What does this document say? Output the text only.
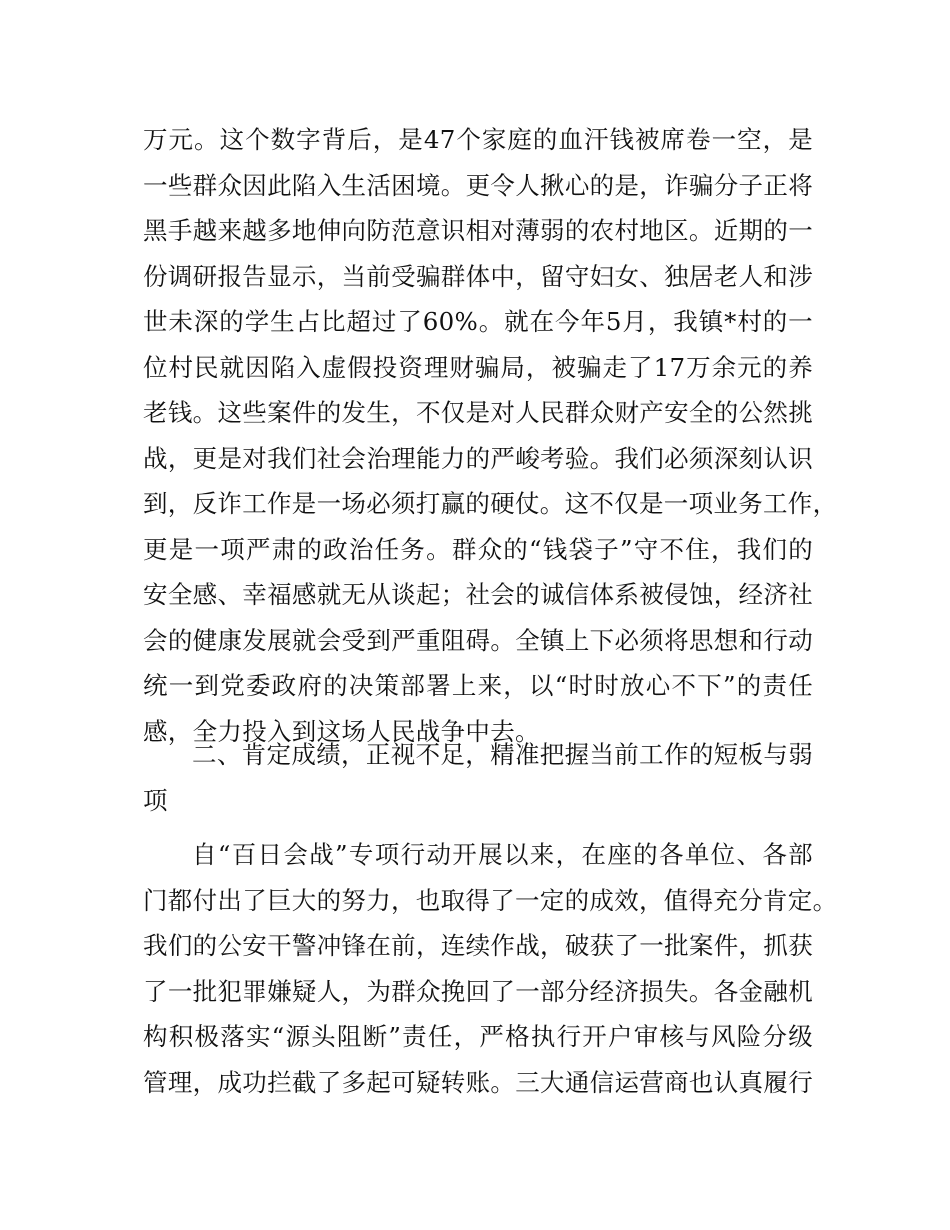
万元。这个数字背后，是47个家庭的血汗钱被席卷一空，是
一些群众因此陷入生活困境。更令人揪心的是，诈骗分子正将
黑手越来越多地伸向防范意识相对薄弱的农村地区。近期的一
份调研报告显示，当前受骗群体中，留守妇女、独居老人和涉
世未深的学生占比超过了60%。就在今年5月，我镇*村的一
位村民就因陷入虚假投资理财骗局，被骗走了17万余元的养
老钱。这些案件的发生，不仅是对人民群众财产安全的公然挑
战，更是对我们社会治理能力的严峻考验。我们必须深刻认识
到，反诈工作是一场必须打赢的硬仗。这不仅是一项业务工作，
更是一项严肃的政治任务。群众的“钱袋子”守不住，我们的
安全感、幸福感就无从谈起；社会的诚信体系被侵蚀，经济社
会的健康发展就会受到严重阻碍。全镇上下必须将思想和行动
统一到党委政府的决策部署上来，以“时时放心不下”的责任
感，全力投入到这场人民战争中去。
二、肯定成绩，正视不足，精准把握当前工作的短板与弱
项
自“百日会战”专项行动开展以来，在座的各单位、各部
门都付出了巨大的努力，也取得了一定的成效，值得充分肯定。
我们的公安干警冲锋在前，连续作战，破获了一批案件，抓获
了一批犯罪嫌疑人，为群众挽回了一部分经济损失。各金融机
构积极落实“源头阻断”责任，严格执行开户审核与风险分级
管理，成功拦截了多起可疑转账。三大通信运营商也认真履行
